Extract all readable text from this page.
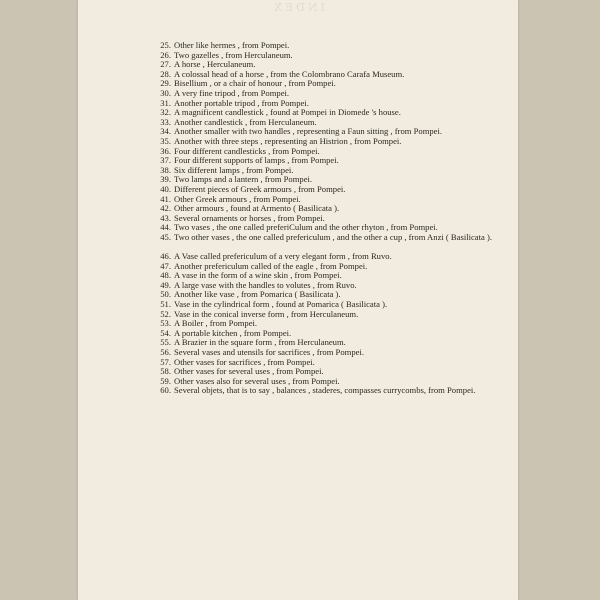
INDEX
25. Other like hermes , from Pompei.
26. Two gazelles , from Herculaneum.
27. A horse , Herculaneum.
28. A colossal head of a horse , from the Colombrano Carafa Museum.
29. Bisellium , or a chair of honour , from Pompei.
30. A very fine tripod , from Pompei.
31. Another portable tripod , from Pompei.
32. A magnificent candlestick , found at Pompei in Diomede 's house.
33. Another candlestick , from Herculaneum.
34. Another smaller with two handles , representing a Faun sitting , from Pompei.
35. Another with three steps , representing an Histrion , from Pompei.
36. Four different candlesticks , from Pompei.
37. Four different supports of lamps , from Pompei.
38. Six different lamps , from Pompei.
39. Two lamps and a lantern , from Pompei.
40. Different pieces of Greek armours , from Pompei.
41. Other Greek armours , from Pompei.
42. Other armours , found at Armento ( Basilicata ).
43. Several ornaments or horses , from Pompei.
44. Two vases , the one called preferiCulum and the other rhyton , from Pompei.
45. Two other vases , the one called prefericulum , and the other a cup , from Anzi ( Basilicata ).
46. A Vase called prefericulum of a very elegant form , from Ruvo.
47. Another prefericulum called of the eagle , from Pompei.
48. A vase in the form of a wine skin , from Pompei.
49. A large vase with the handles to volutes , from Ruvo.
50. Another like vase , from Pomarica ( Basilicata ).
51. Vase in the cylindrical form , found at Pomarica ( Basilicata ).
52. Vase in the conical inverse form , from Herculaneum.
53. A Boiler , from Pompei.
54. A portable kitchen , from Pompei.
55. A Brazier in the square form , from Herculaneum.
56. Several vases and utensils for sacrifices , from Pompei.
57. Other vases for sacrifices , from Pompei.
58. Other vases for several uses , from Pompei.
59. Other vases also for several uses , from Pompei.
60. Several objets, that is to say , balances , staderes, compasses currycombs, from Pompei.
